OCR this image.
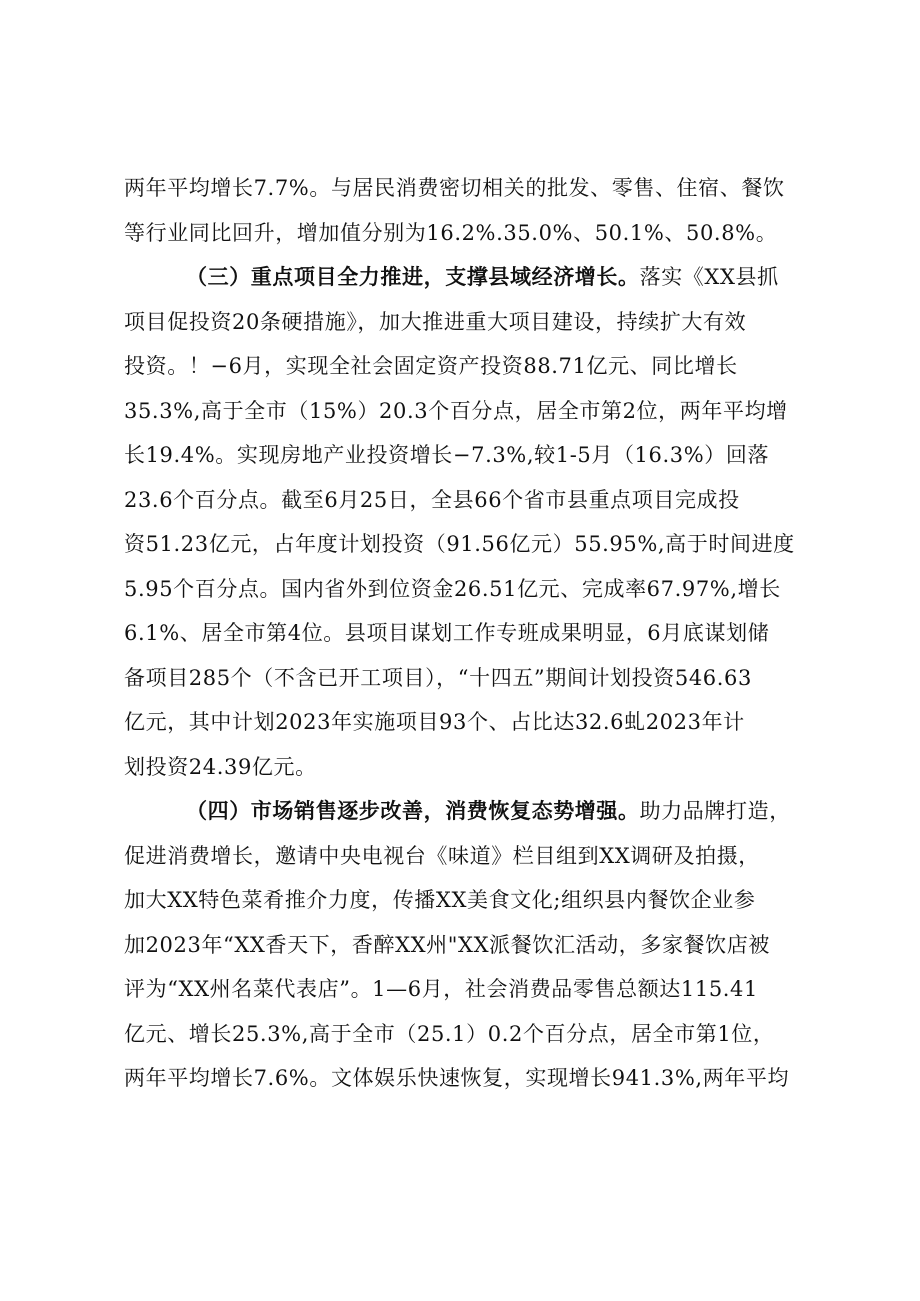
两年平均增长7.7%。与居民消费密切相关的批发、零售、住宿、餐饮
等行业同比回升，增加值分别为16.2%.35.0%、50.1%、50.8%。
（三）重点项目全力推进，支撑县域经济增长。落实《XX县抓
项目促投资20条硬措施》，加大推进重大项目建设，持续扩大有效
投资。！−6月，实现全社会固定资产投资88.71亿元、同比增长
35.3%,高于全市（15%）20.3个百分点，居全市第2位，两年平均增
长19.4%。实现房地产业投资增长−7.3%,较1-5月（16.3%）回落
23.6个百分点。截至6月25日，全县66个省市县重点项目完成投
资51.23亿元，占年度计划投资（91.56亿元）55.95%,高于时间进度
5.95个百分点。国内省外到位资金26.51亿元、完成率67.97%,增长
6.1%、居全市第4位。县项目谋划工作专班成果明显，6月底谋划储
备项目285个（不含已开工项目），“十四五”期间计划投资546.63
亿元，其中计划2023年实施项目93个、占比达32.6虬2023年计
划投资24.39亿元。
（四）市场销售逐步改善，消费恢复态势增强。助力品牌打造，
促进消费增长，邀请中央电视台《味道》栏目组到XX调研及拍摄，
加大XX特色菜肴推介力度，传播XX美食文化;组织县内餐饮企业参
加2023年“XX香天下，香醉XX州"XX派餐饮汇活动，多家餐饮店被
评为“XX州名菜代表店”。1—6月，社会消费品零售总额达115.41
亿元、增长25.3%,高于全市（25.1）0.2个百分点，居全市第1位，
两年平均增长7.6%。文体娱乐快速恢复，实现增长941.3%,两年平均
